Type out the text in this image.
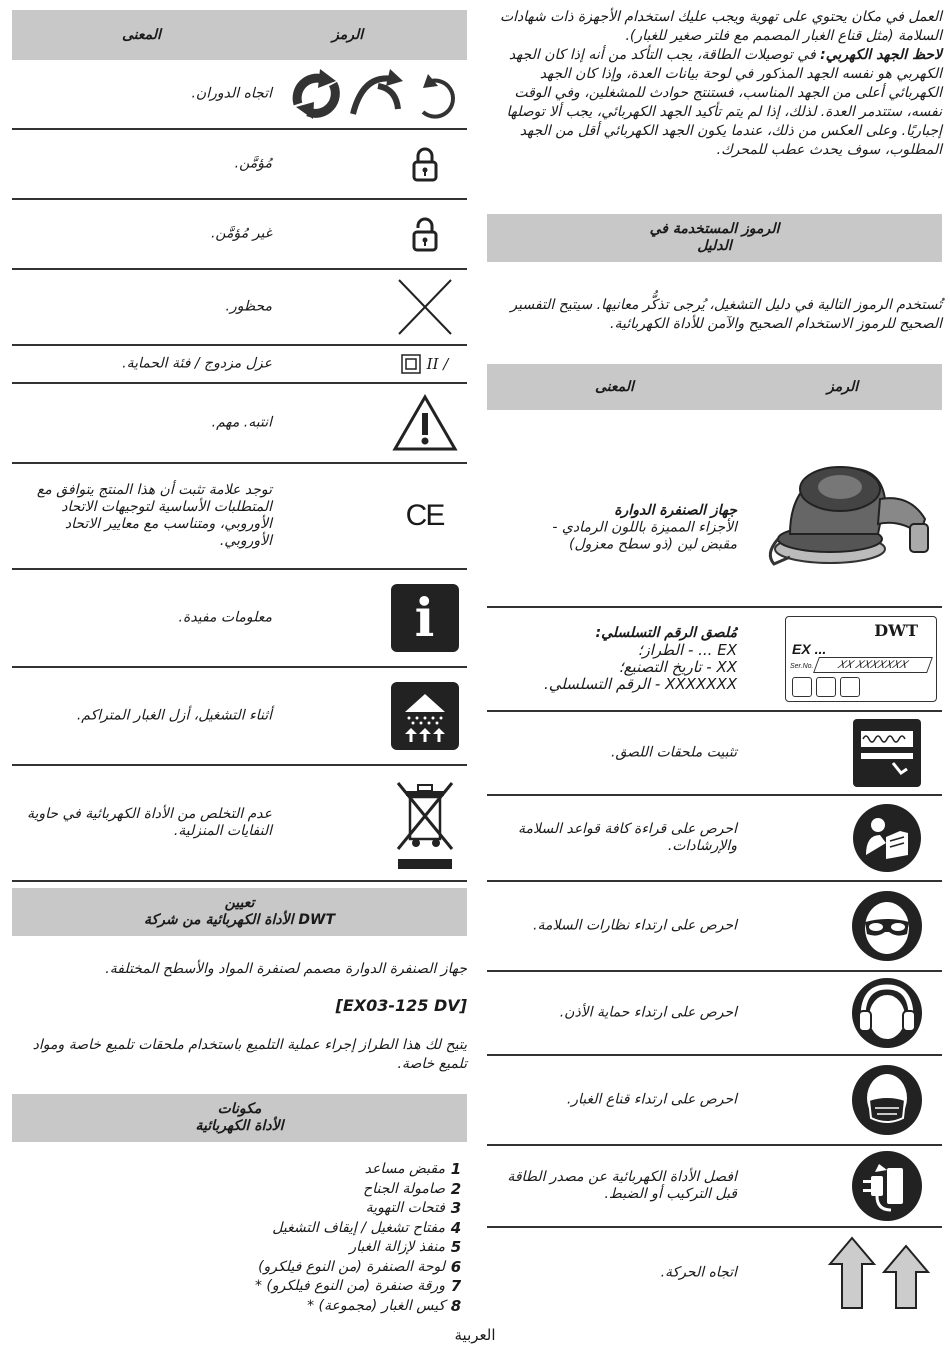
الرمز
المعنى
اتجاه الدوران.
مُؤمَّن.
غير مُؤمَّن.
محظور.
عزل مزدوج / فئة الحماية.	II /
انتبه. مهم.
توجد علامة تثبت أن هذا المنتج يتوافق مع المتطلبات الأساسية لتوجيهات الاتحاد الأوروبي، ومتناسب مع معايير الاتحاد الأوروبي.
CE
معلومات مفيدة.	i
أثناء التشغيل، أزل الغبار المتراكم.
عدم التخلص من الأداة الكهربائية في حاوية النفايات المنزلية.
تعيين
الأداة الكهربائية من شركة DWT
جهاز الصنفرة الدوارة مصمم لصنفرة المواد والأسطح المختلفة.
[EX03-125 DV]
يتيح لك هذا الطراز إجراء عملية التلميع باستخدام ملحقات تلميع خاصة ومواد تلميع خاصة.
مكونات
الأداة الكهربائية
1
مقبض مساعد
2
صامولة الجناح
3
فتحات التهوية
4
مفتاح تشغيل / إيقاف التشغيل
5
منفذ لإزالة الغبار
6
لوحة الصنفرة (من النوع فيلكرو)
7
ورقة صنفرة (من النوع فيلكرو) *
8
كيس الغبار (مجموعة) *
العمل في مكان يحتوي على تهوية ويجب عليك استخدام الأجهزة ذات شهادات السلامة (مثل قناع الغبار المصمم مع فلتر صغير للغبار).
لاحظ الجهد الكهربي: في توصيلات الطاقة، يجب التأكد من أنه إذا كان الجهد الكهربي هو نفسه الجهد المذكور في لوحة بيانات العدة، وإذا كان الجهد الكهربائي أعلى من الجهد المناسب، فستنتج حوادث للمشغلين، وفي الوقت نفسه، ستتدمر العدة. لذلك، إذا لم يتم تأكيد الجهد الكهربائي، يجب ألا توصلها إجباريًا. وعلى العكس من ذلك، عندما يكون الجهد الكهربائي أقل من الجهد المطلوب، سوف يحدث عطب للمحرك.
الرموز المستخدمة في
الدليل
تُستخدم الرموز التالية في دليل التشغيل، يُرجى تذكُّر معانيها. سيتيح التفسير الصحيح للرموز الاستخدام الصحيح والآمن للأداة الكهربائية.
الرمز
المعنى
جهاز الصنفرة الدوارة
الأجزاء المميزة باللون الرمادي -
مقبض لين (ذو سطح معزول)
مُلصق الرقم التسلسلي:
EX ... - الطراز؛
XX - تاريخ التصنيع؛
XXXXXXX - الرقم التسلسلي.
DWT
EX ...
Ser.No.	XX XXXXXXX
تثبيت ملحقات اللصق.
احرص على قراءة كافة قواعد السلامة والإرشادات.
احرص على ارتداء نظارات السلامة.
احرص على ارتداء حماية الأذن.
احرص على ارتداء قناع الغبار.
افصل الأداة الكهربائية عن مصدر الطاقة قبل التركيب أو الضبط.
اتجاه الحركة.
العربية
